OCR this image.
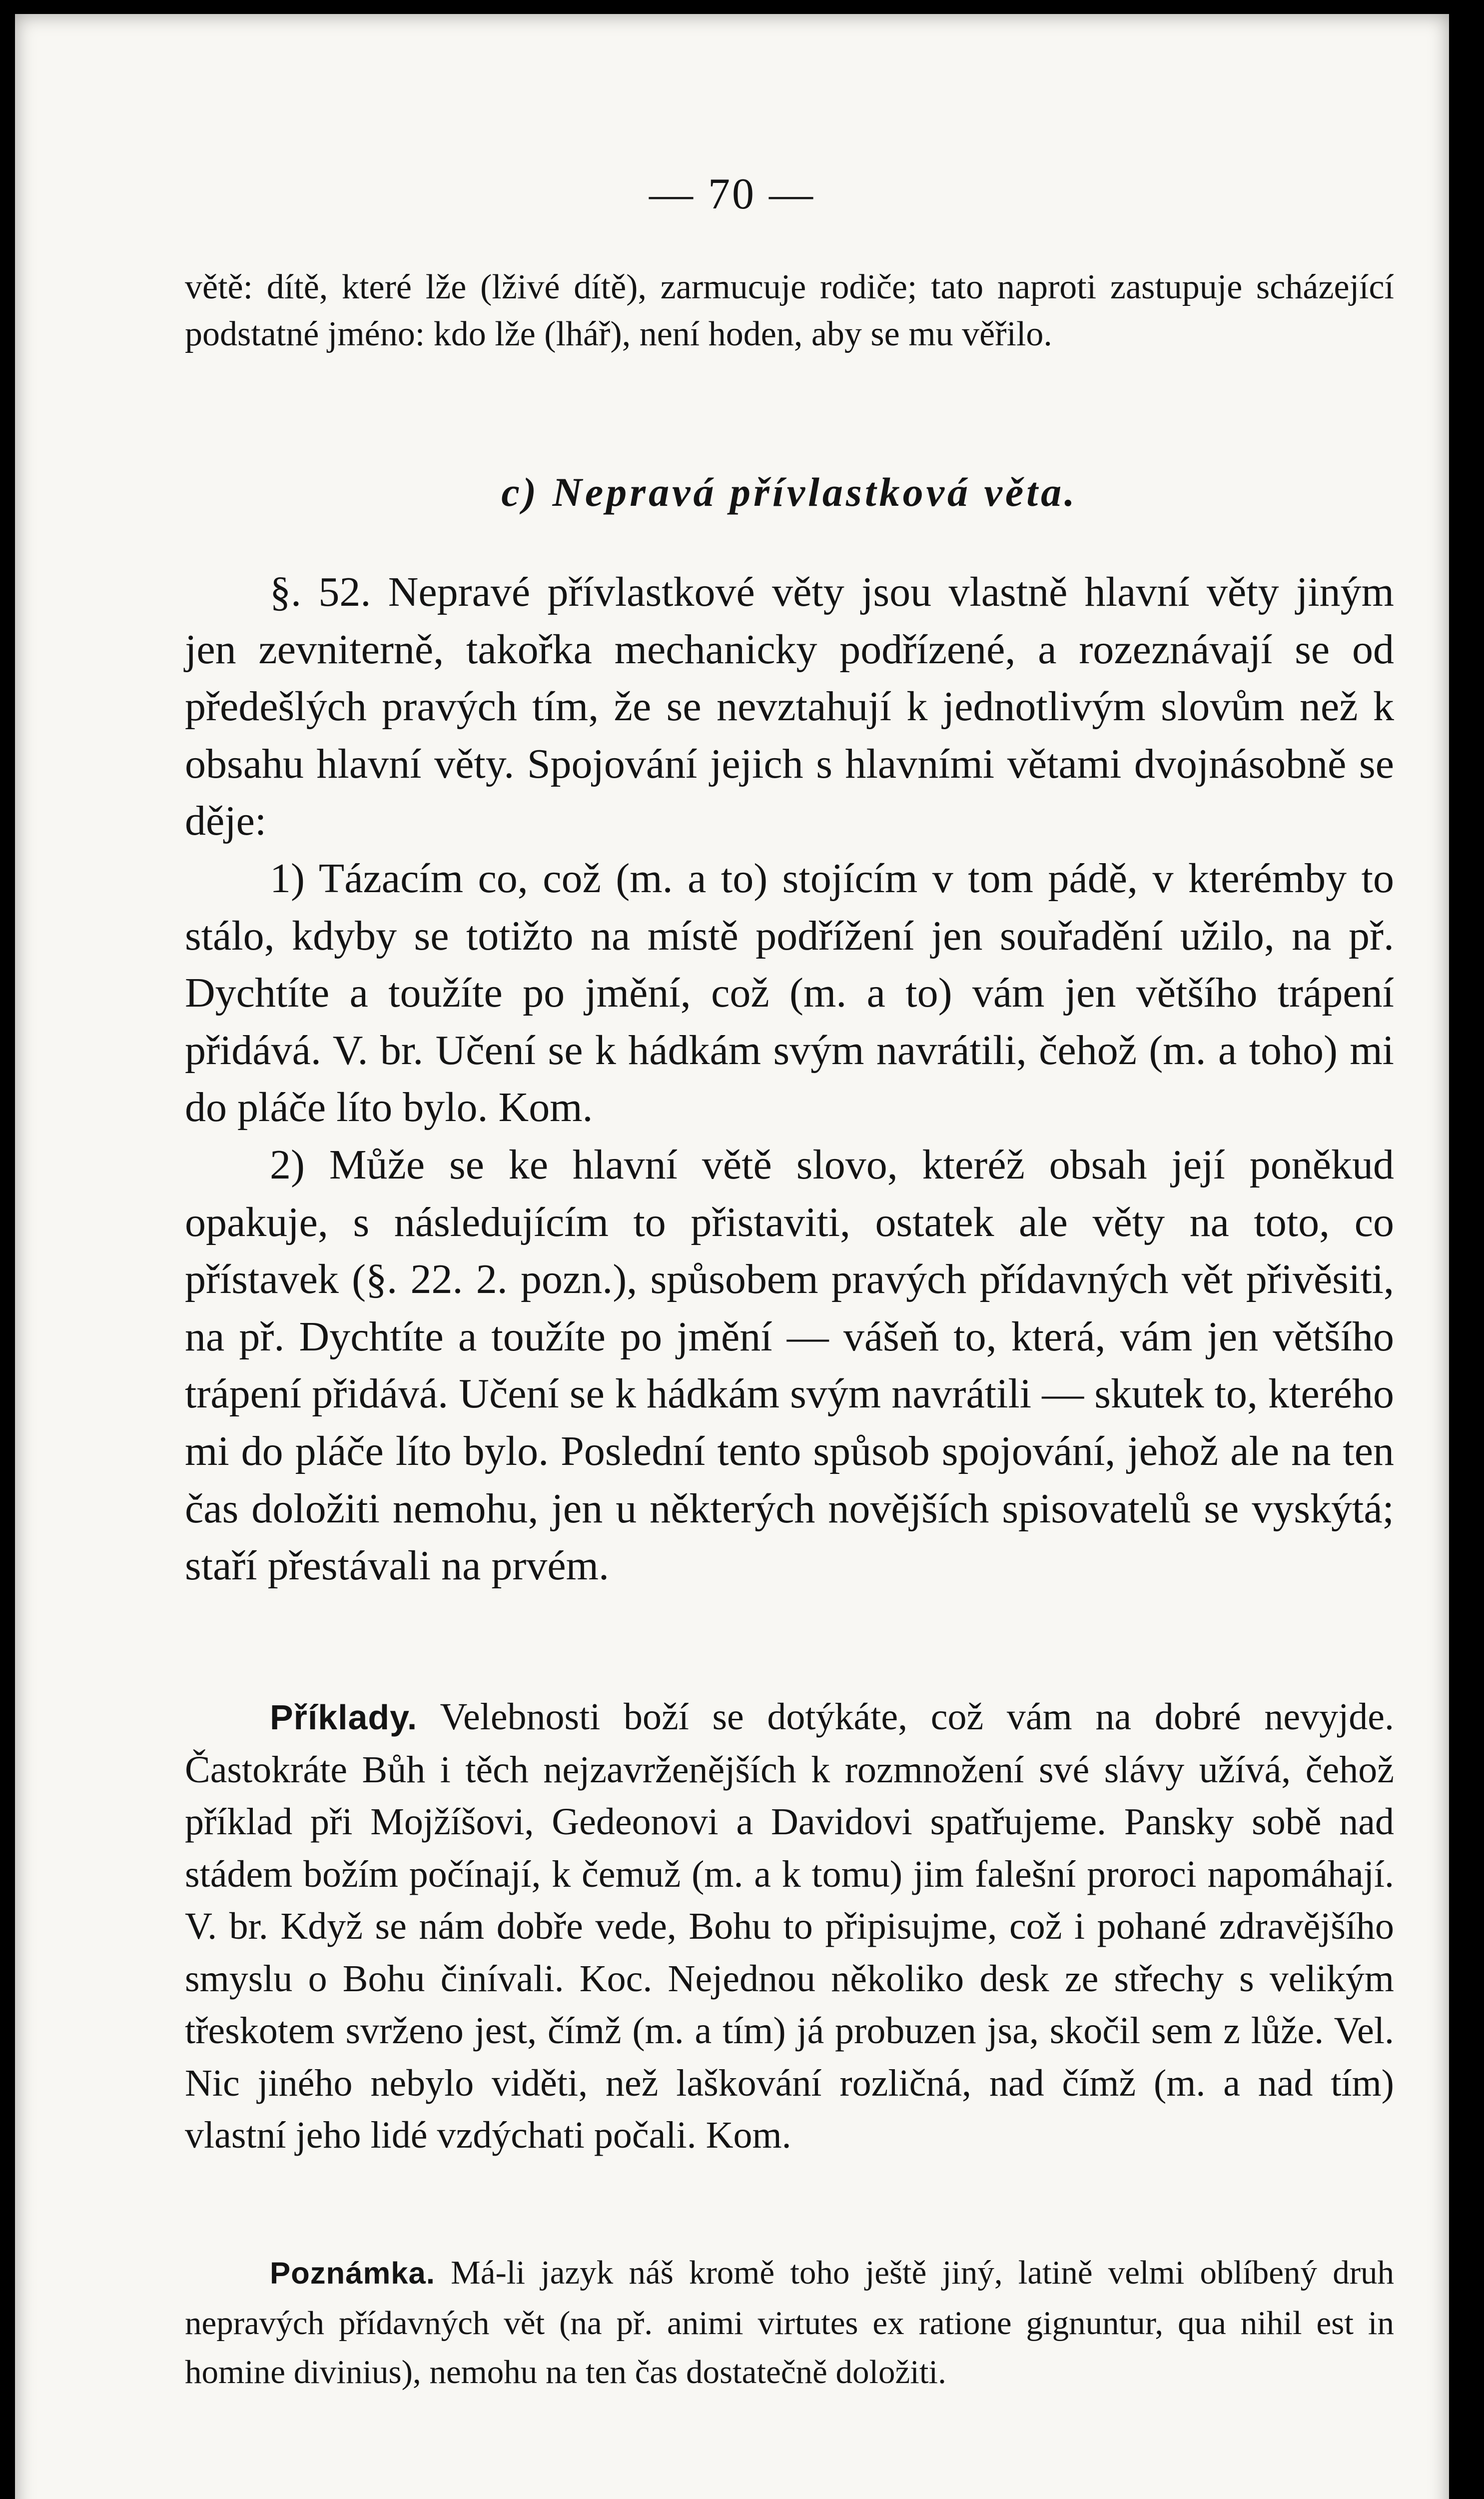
— 70 —

větě: dítě, které lže (lživé dítě), zarmucuje rodiče; tato naproti zastupuje scházející podstatné jméno: kdo lže (lhář), není hoden, aby se mu věřilo.

c) Nepravá přívlastková věta.

§. 52. Nepravé přívlastkové věty jsou vlastně hlavní věty jiným jen zevniterně, takořka mechanicky podřízené, a rozeznávají se od předešlých pravých tím, že se nevztahují k jednotlivým slovům než k obsahu hlavní věty. Spojování jejich s hlavními větami dvojnásobně se děje:

1) Tázacím co, což (m. a to) stojícím v tom pádě, v kterémby to stálo, kdyby se totižto na místě podřížení jen souřadění užilo, na př. Dychtíte a toužíte po jmění, což (m. a to) vám jen většího trápení přidává. V. br. Učení se k hádkám svým navrátili, čehož (m. a toho) mi do pláče líto bylo. Kom.

2) Může se ke hlavní větě slovo, kteréž obsah její poněkud opakuje, s následujícím to přistaviti, ostatek ale věty na toto, co přístavek (§. 22. 2. pozn.), spůsobem pravých přídavných vět přivěsiti, na př. Dychtíte a toužíte po jmění — vášeň to, která, vám jen většího trápení přidává. Učení se k hádkám svým navrátili — skutek to, kterého mi do pláče líto bylo. Poslední tento spůsob spojování, jehož ale na ten čas doložiti nemohu, jen u některých novějších spisovatelů se vyskýtá; staří přestávali na prvém.

Příklady. Velebnosti boží se dotýkáte, což vám na dobré nevyjde. Častokráte Bůh i těch nejzavrženějších k rozmnožení své slávy užívá, čehož příklad při Mojžíšovi, Gedeonovi a Davidovi spatřujeme. Pansky sobě nad stádem božím počínají, k čemuž (m. a k tomu) jim falešní proroci napomáhají. V. br. Když se nám dobře vede, Bohu to připisujme, což i pohané zdravějšího smyslu o Bohu činívali. Koc. Nejednou několiko desk ze střechy s velikým třeskotem svrženo jest, čímž (m. a tím) já probuzen jsa, skočil sem z lůže. Vel. Nic jiného nebylo viděti, než laškování rozličná, nad čímž (m. a nad tím) vlastní jeho lidé vzdýchati počali. Kom.

Poznámka. Má-li jazyk náš kromě toho ještě jiný, latině velmi oblíbený druh nepravých přídavných vět (na př. animi virtutes ex ratione gignuntur, qua nihil est in homine divinius), nemohu na ten čas dostatečně doložiti.
